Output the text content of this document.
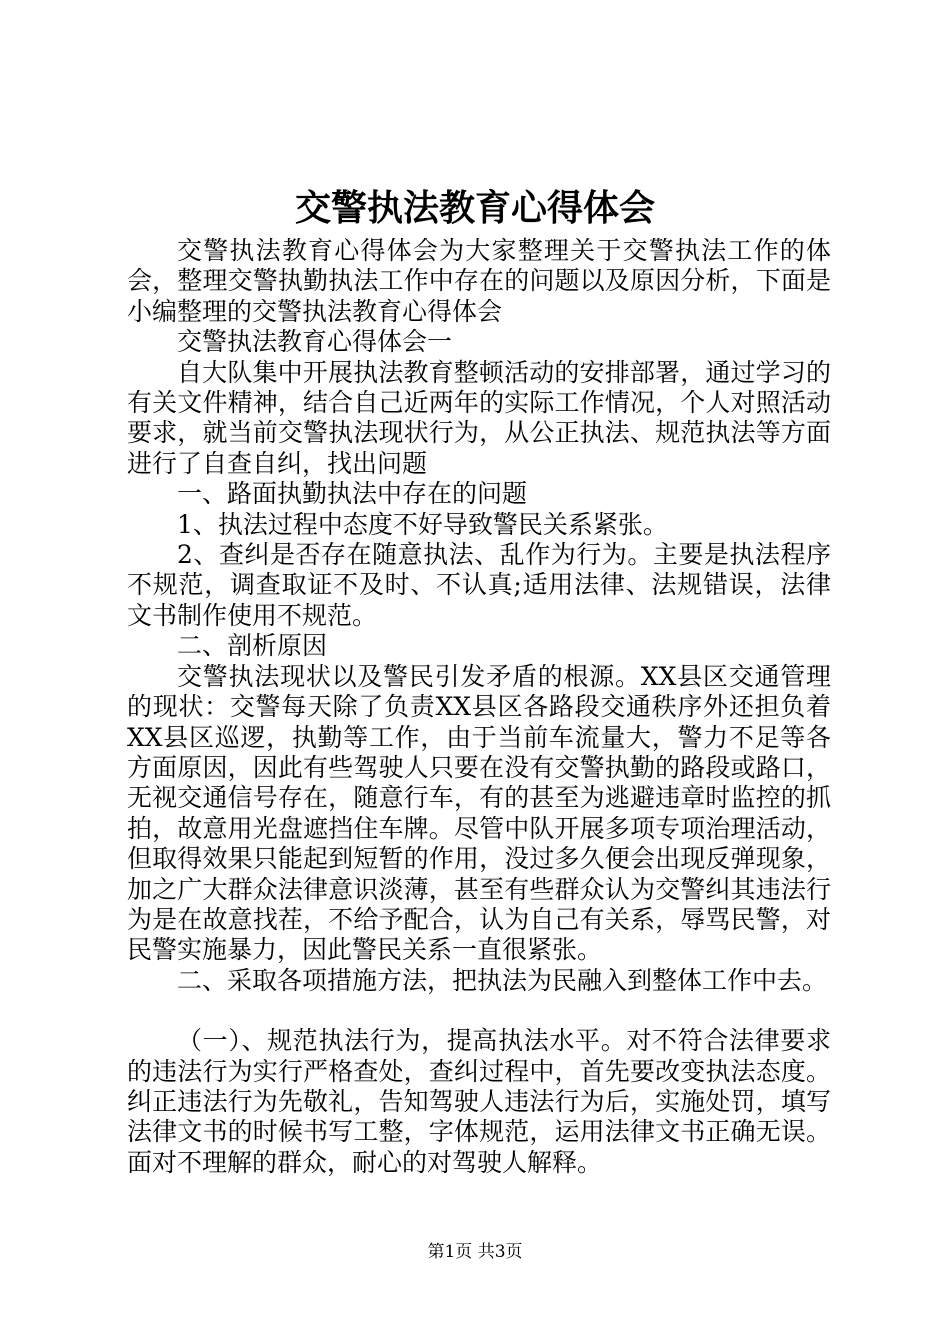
交警执法教育心得体会

交警执法教育心得体会为大家整理关于交警执法工作的体会，整理交警执勤执法工作中存在的问题以及原因分析，下面是小编整理的交警执法教育心得体会

交警执法教育心得体会一

自大队集中开展执法教育整顿活动的安排部署，通过学习的有关文件精神，结合自己近两年的实际工作情况，个人对照活动要求，就当前交警执法现状行为，从公正执法、规范执法等方面进行了自查自纠，找出问题

一、路面执勤执法中存在的问题

1、执法过程中态度不好导致警民关系紧张。

2、查纠是否存在随意执法、乱作为行为。主要是执法程序不规范，调查取证不及时、不认真;适用法律、法规错误，法律文书制作使用不规范。

二、剖析原因

交警执法现状以及警民引发矛盾的根源。XX县区交通管理的现状：交警每天除了负责XX县区各路段交通秩序外还担负着XX县区巡逻，执勤等工作，由于当前车流量大，警力不足等各方面原因，因此有些驾驶人只要在没有交警执勤的路段或路口，无视交通信号存在，随意行车，有的甚至为逃避违章时监控的抓拍，故意用光盘遮挡住车牌。尽管中队开展多项专项治理活动，但取得效果只能起到短暂的作用，没过多久便会出现反弹现象，加之广大群众法律意识淡薄，甚至有些群众认为交警纠其违法行为是在故意找茬，不给予配合，认为自己有关系，辱骂民警，对民警实施暴力，因此警民关系一直很紧张。

二、采取各项措施方法，把执法为民融入到整体工作中去。

（一）、规范执法行为，提高执法水平。对不符合法律要求的违法行为实行严格查处，查纠过程中，首先要改变执法态度。纠正违法行为先敬礼，告知驾驶人违法行为后，实施处罚，填写法律文书的时候书写工整，字体规范，运用法律文书正确无误。面对不理解的群众，耐心的对驾驶人解释。

第1页 共3页
